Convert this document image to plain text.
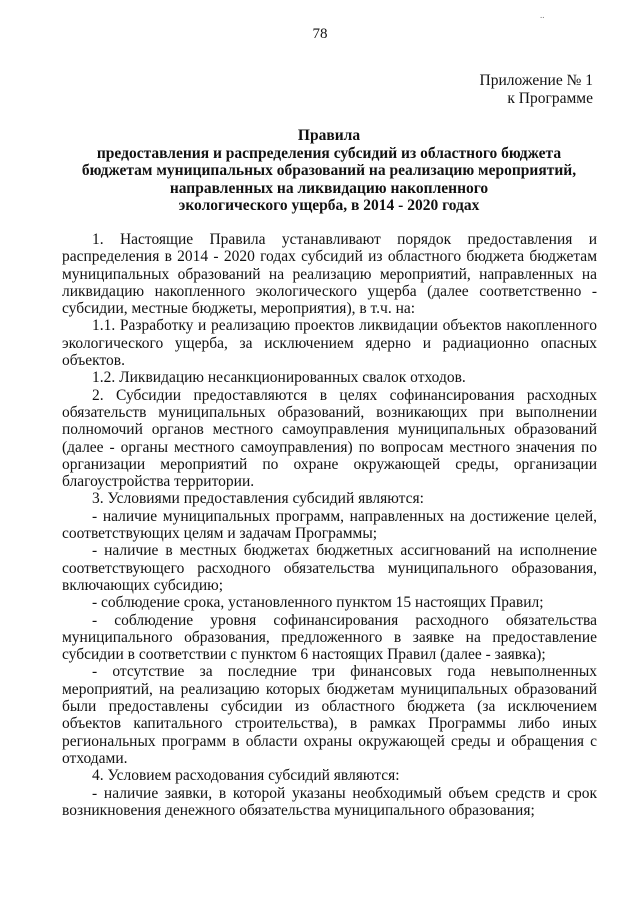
78
..
Приложение № 1
к Программе
Правила
предоставления и распределения субсидий из областного бюджета
бюджетам муниципальных образований на реализацию мероприятий,
направленных на ликвидацию накопленного
экологического ущерба, в 2014 - 2020 годах

1. Настоящие Правила устанавливают порядок предоставления и распределения в 2014 - 2020 годах субсидий из областного бюджета бюджетам муниципальных образований на реализацию мероприятий, направленных на ликвидацию накопленного экологического ущерба (далее соответственно - субсидии, местные бюджеты, мероприятия), в т.ч. на:

1.1. Разработку и реализацию проектов ликвидации объектов накопленного экологического ущерба, за исключением ядерно и радиационно опасных объектов.

1.2. Ликвидацию несанкционированных свалок отходов.

2. Субсидии предоставляются в целях софинансирования расходных обязательств муниципальных образований, возникающих при выполнении полномочий органов местного самоуправления муниципальных образований (далее - органы местного самоуправления) по вопросам местного значения по организации мероприятий по охране окружающей среды, организации благоустройства территории.

3. Условиями предоставления субсидий являются:

- наличие муниципальных программ, направленных на достижение целей, соответствующих целям и задачам Программы;

- наличие в местных бюджетах бюджетных ассигнований на исполнение соответствующего расходного обязательства муниципального образования, включающих субсидию;

- соблюдение срока, установленного пунктом 15 настоящих Правил;

- соблюдение уровня софинансирования расходного обязательства муниципального образования, предложенного в заявке на предоставление субсидии в соответствии с пунктом 6 настоящих Правил (далее - заявка);

- отсутствие за последние три финансовых года невыполненных мероприятий, на реализацию которых бюджетам муниципальных образований были предоставлены субсидии из областного бюджета (за исключением объектов капитального строительства), в рамках Программы либо иных региональных программ в области охраны окружающей среды и обращения с отходами.

4. Условием расходования субсидий являются:

- наличие заявки, в которой указаны необходимый объем средств и срок возникновения денежного обязательства муниципального образования;
